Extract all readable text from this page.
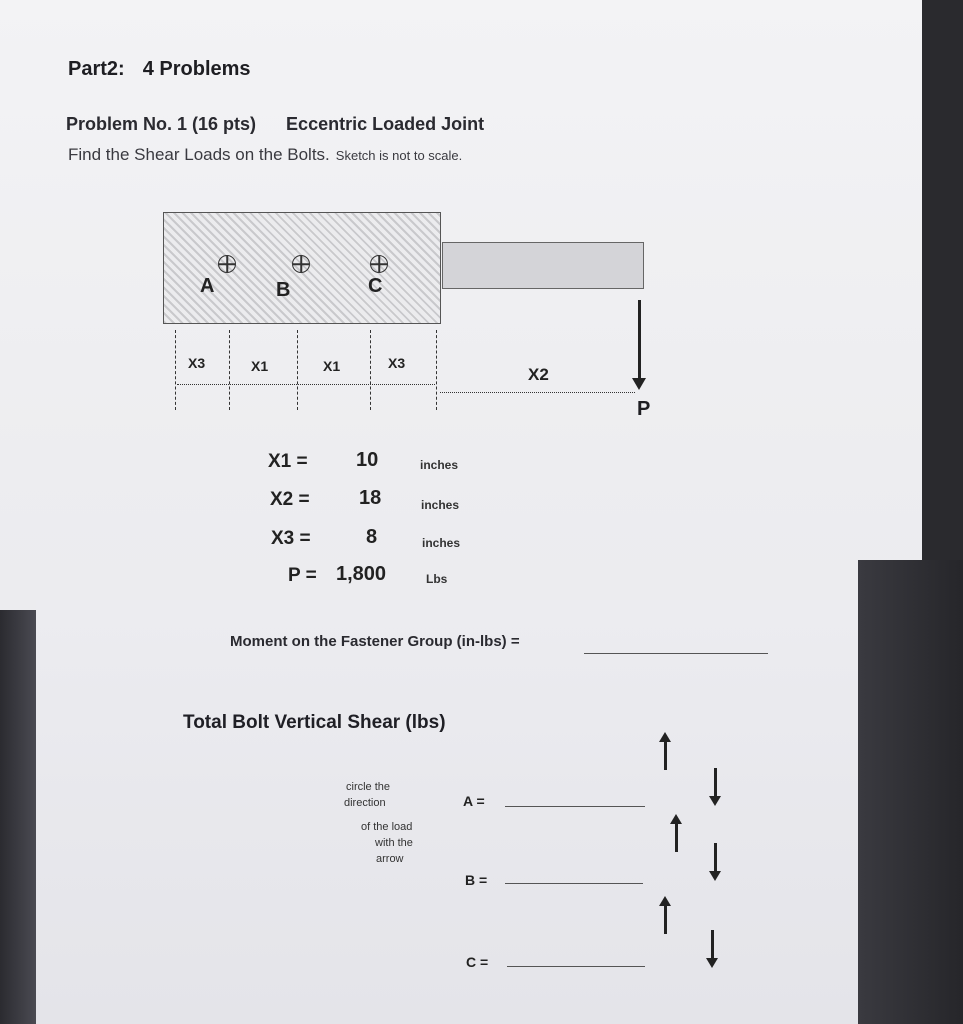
Part2: 4 Problems
Problem No. 1 (16 pts) Eccentric Loaded Joint
Find the Shear Loads on the Bolts. Sketch is not to scale.
A	B	C
X3	X1	X1	X3
X2
P
X1 = 10	inches
X2 = 18	inches
X3 =	8	inches
P = 1,800	Lbs
Moment on the Fastener Group (in-lbs) =
Total Bolt Vertical Shear (lbs)
circle the
direction
of the load
with the
arrow
A =
B =
C =
